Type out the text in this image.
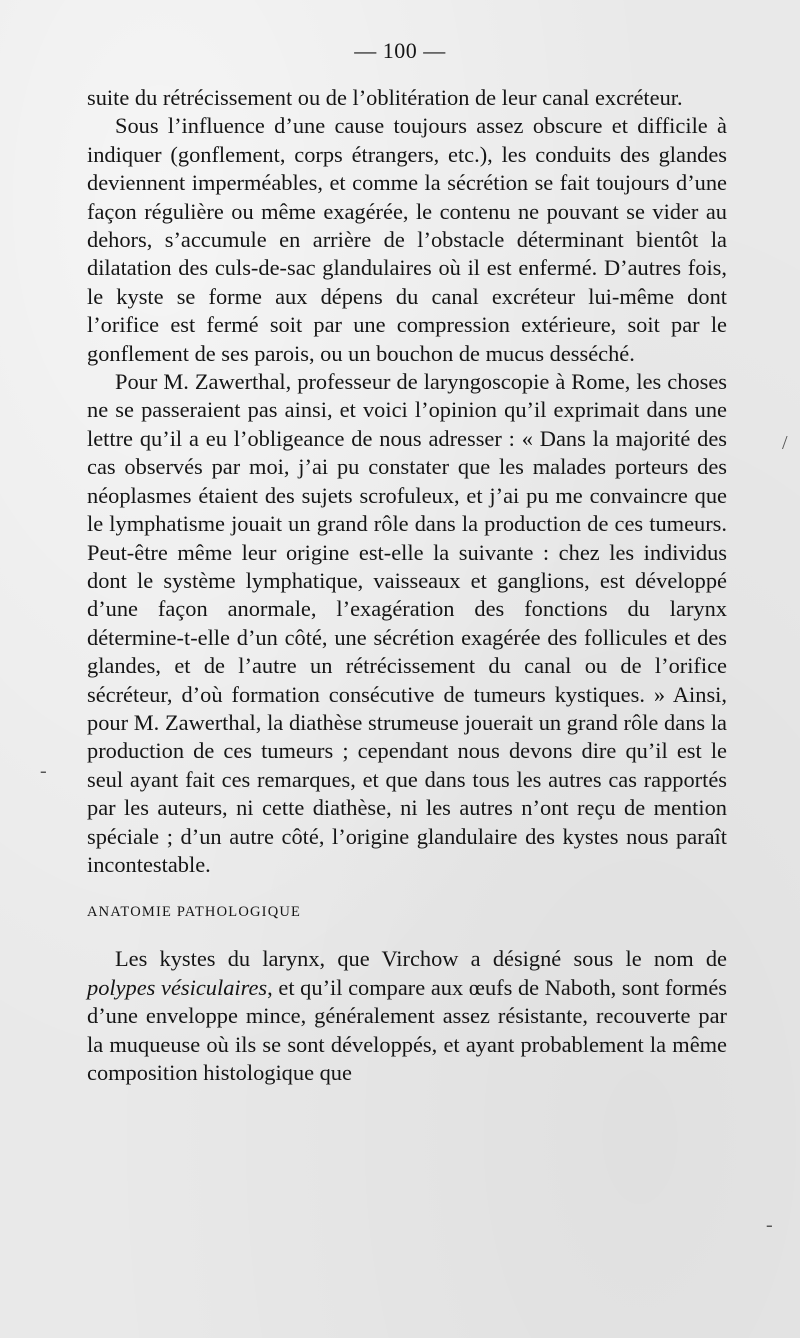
— 100 —

suite du rétrécissement ou de l’oblitération de leur canal excréteur.

Sous l’influence d’une cause toujours assez obscure et difficile à indiquer (gonflement, corps étrangers, etc.), les conduits des glandes deviennent imperméables, et comme la sécrétion se fait toujours d’une façon régulière ou même exagérée, le contenu ne pouvant se vider au dehors, s’accumule en arrière de l’obstacle déterminant bientôt la dilatation des culs-de-sac glandulaires où il est enfermé. D’autres fois, le kyste se forme aux dépens du canal excréteur lui-même dont l’orifice est fermé soit par une compression extérieure, soit par le gonflement de ses parois, ou un bouchon de mucus desséché.

Pour M. Zawerthal, professeur de laryngoscopie à Rome, les choses ne se passeraient pas ainsi, et voici l’opinion qu’il exprimait dans une lettre qu’il a eu l’obligeance de nous adresser : « Dans la majorité des cas observés par moi, j’ai pu constater que les malades porteurs des néoplasmes étaient des sujets scrofuleux, et j’ai pu me convaincre que le lymphatisme jouait un grand rôle dans la production de ces tumeurs. Peut-être même leur origine est-elle la suivante : chez les individus dont le système lymphatique, vaisseaux et ganglions, est développé d’une façon anormale, l’exagération des fonctions du larynx détermine-t-elle d’un côté, une sécrétion exagérée des follicules et des glandes, et de l’autre un rétrécissement du canal ou de l’orifice sécréteur, d’où formation consécutive de tumeurs kystiques. » Ainsi, pour M. Zawerthal, la diathèse strumeuse jouerait un grand rôle dans la production de ces tumeurs ; cependant nous devons dire qu’il est le seul ayant fait ces remarques, et que dans tous les autres cas rapportés par les auteurs, ni cette diathèse, ni les autres n’ont reçu de mention spéciale ; d’un autre côté, l’origine glandulaire des kystes nous paraît incontestable.

ANATOMIE PATHOLOGIQUE

Les kystes du larynx, que Virchow a désigné sous le nom de polypes vésiculaires, et qu’il compare aux œufs de Naboth, sont formés d’une enveloppe mince, généralement assez résistante, recouverte par la muqueuse où ils se sont développés, et ayant probablement la même composition histologique que

/
-
-
